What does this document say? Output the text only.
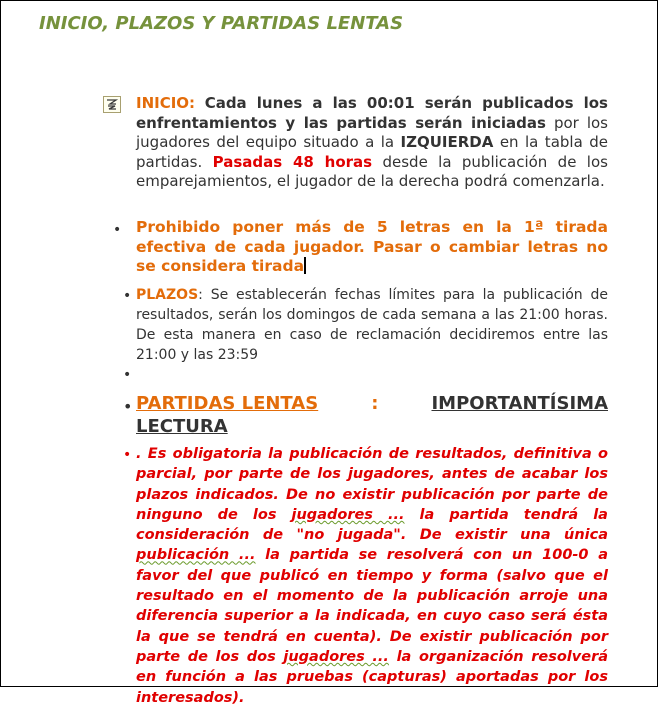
INICIO, PLAZOS Y PARTIDAS LENTAS
INICIO: Cada lunes a las 00:01 serán publicados los enfrentamientos y las partidas serán iniciadas por los jugadores del equipo situado a la IZQUIERDA en la tabla de partidas. Pasadas 48 horas desde la publicación de los emparejamientos, el jugador de la derecha podrá comenzarla.
• Prohibido poner más de 5 letras en la 1ª tirada efectiva de cada jugador. Pasar o cambiar letras no se considera tirada
• PLAZOS: Se establecerán fechas límites para la publicación de resultados, serán los domingos de cada semana a las 21:00 horas. De esta manera en caso de reclamación decidiremos entre las 21:00 y las 23:59
•
• PARTIDAS LENTAS	:	IMPORTANTÍSIMA
LECTURA
• . Es obligatoria la publicación de resultados, definitiva o parcial, por parte de los jugadores, antes de acabar los plazos indicados. De no existir publicación por parte de ninguno de los jugadores ... la partida tendrá la consideración de "no jugada". De existir una única publicación ... la partida se resolverá con un 100-0 a favor del que publicó en tiempo y forma (salvo que el resultado en el momento de la publicación arroje una diferencia superior a la indicada, en cuyo caso será ésta la que se tendrá en cuenta). De existir publicación por parte de los dos jugadores ... la organización resolverá en función a las pruebas (capturas) aportadas por los interesados).
